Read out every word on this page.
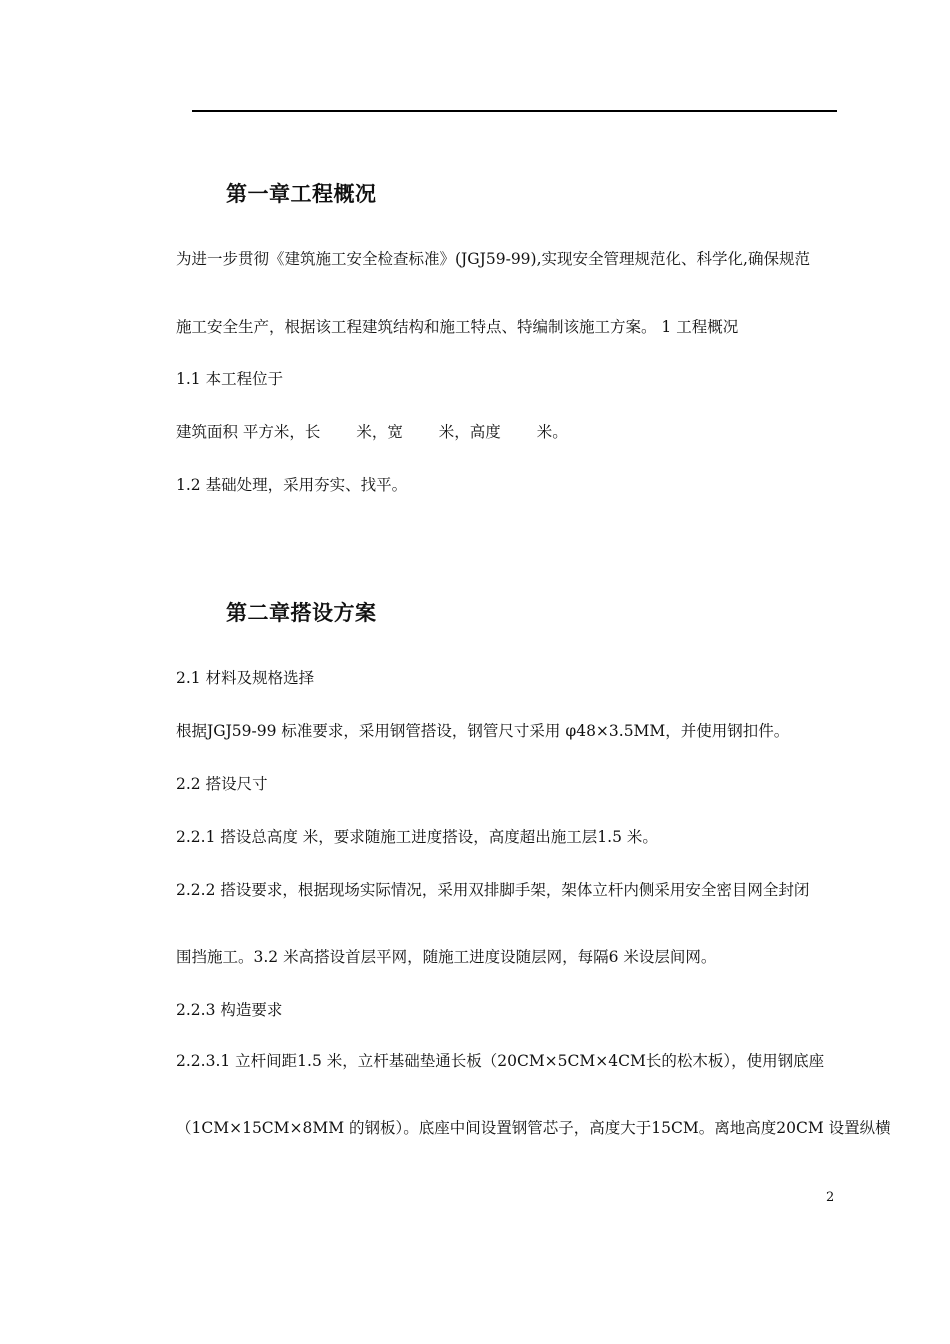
第一章工程概况
为进一步贯彻《建筑施工安全检查标准》(JGJ59-99),实现安全管理规范化、科学化,确保规范
施工安全生产，根据该工程建筑结构和施工特点、特编制该施工方案。 1 工程概况
1.1 本工程位于
建筑面积 平方米，长　　 米，宽　　 米，高度　　 米。
1.2 基础处理，采用夯实、找平。
第二章搭设方案
2.1 材料及规格选择
根据JGJ59-99 标准要求，采用钢管搭设，钢管尺寸采用 φ48×3.5MM，并使用钢扣件。
2.2 搭设尺寸
2.2.1 搭设总高度 米，要求随施工进度搭设，高度超出施工层1.5 米。
2.2.2 搭设要求，根据现场实际情况，采用双排脚手架，架体立杆内侧采用安全密目网全封闭
围挡施工。3.2 米高搭设首层平网，随施工进度设随层网，每隔6 米设层间网。
2.2.3 构造要求
2.2.3.1 立杆间距1.5 米，立杆基础垫通长板（20CM×5CM×4CM长的松木板），使用钢底座
（1CM×15CM×8MM 的钢板）。底座中间设置钢管芯子，高度大于15CM。离地高度20CM 设置纵横
2
